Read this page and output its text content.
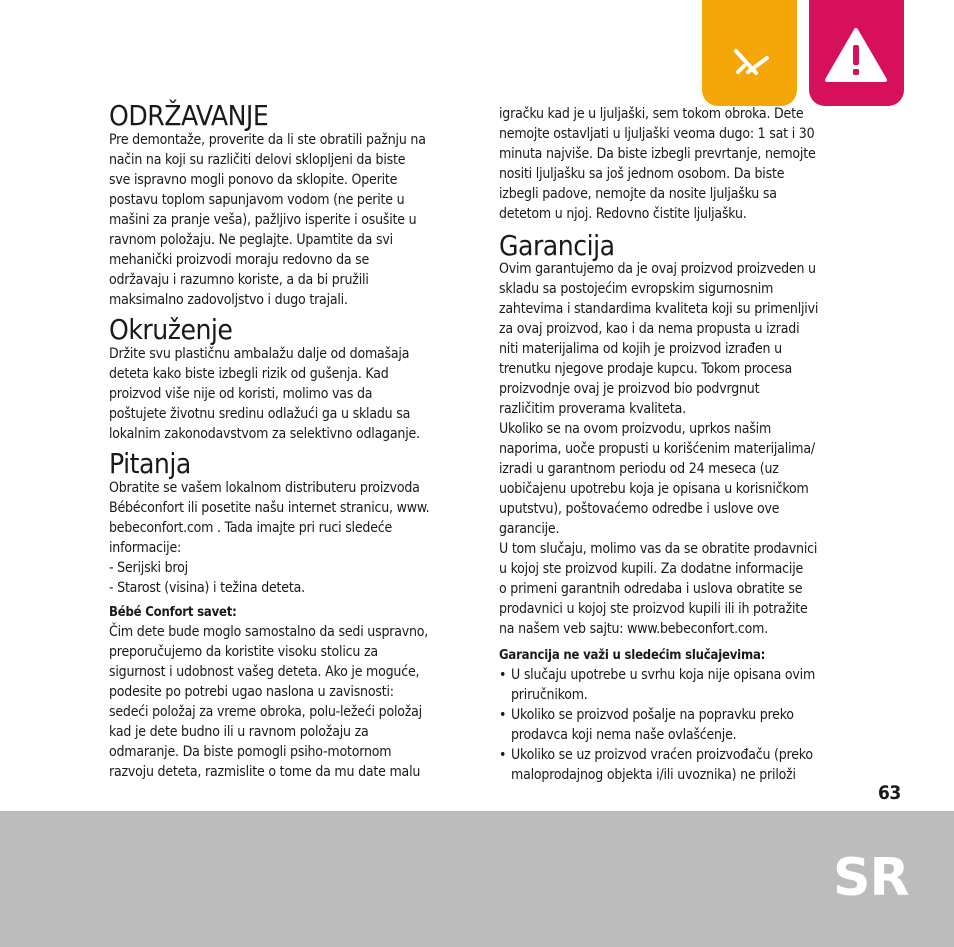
ODRŽAVANJE

Pre demontaže, proverite da li ste obratili pažnju na

način na koji su različiti delovi sklopljeni da biste

sve ispravno mogli ponovo da sklopite. Operite

postavu toplom sapunjavom vodom (ne perite u

mašini za pranje veša), pažljivo isperite i osušite u

ravnom položaju. Ne peglajte. Upamtite da svi

mehanički proizvodi moraju redovno da se

održavaju i razumno koriste, a da bi pružili

maksimalno zadovoljstvo i dugo trajali.

Okruženje

Držite svu plastičnu ambalažu dalje od domašaja

deteta kako biste izbegli rizik od gušenja. Kad

proizvod više nije od koristi, molimo vas da

poštujete životnu sredinu odlažući ga u skladu sa

lokalnim zakonodavstvom za selektivno odlaganje.

Pitanja

Obratite se vašem lokalnom distributeru proizvoda

Bébéconfort ili posetite našu internet stranicu, www.

bebeconfort.com . Tada imajte pri ruci sledeće

informacije:

- Serijski broj

- Starost (visina) i težina deteta.

Bébé Confort savet:

Čim dete bude moglo samostalno da sedi uspravno,

preporučujemo da koristite visoku stolicu za

sigurnost i udobnost vašeg deteta. Ako je moguće,

podesite po potrebi ugao naslona u zavisnosti:

sedeći položaj za vreme obroka, polu-ležeći položaj

kad je dete budno ili u ravnom položaju za

odmaranje. Da biste pomogli psiho-motornom

razvoju deteta, razmislite o tome da mu date malu

igračku kad je u ljuljaški, sem tokom obroka. Dete

nemojte ostavljati u ljuljaški veoma dugo: 1 sat i 30

minuta najviše. Da biste izbegli prevrtanje, nemojte

nositi ljuljašku sa još jednom osobom. Da biste

izbegli padove, nemojte da nosite ljuljašku sa

detetom u njoj. Redovno čistite ljuljašku.

Garancija

Ovim garantujemo da je ovaj proizvod proizveden u

skladu sa postojećim evropskim sigurnosnim

zahtevima i standardima kvaliteta koji su primenljivi

za ovaj proizvod, kao i da nema propusta u izradi

niti materijalima od kojih je proizvod izrađen u

trenutku njegove prodaje kupcu. Tokom procesa

proizvodnje ovaj je proizvod bio podvrgnut

različitim proverama kvaliteta.

Ukoliko se na ovom proizvodu, uprkos našim

naporima, uoče propusti u korišćenim materijalima/

izradi u garantnom periodu od 24 meseca (uz

uobičajenu upotrebu koja je opisana u korisničkom

uputstvu), poštovaćemo odredbe i uslove ove

garancije.

U tom slučaju, molimo vas da se obratite prodavnici

u kojoj ste proizvod kupili. Za dodatne informacije

o primeni garantnih odredaba i uslova obratite se

prodavnici u kojoj ste proizvod kupili ili ih potražite

na našem veb sajtu: www.bebeconfort.com.

Garancija ne važi u sledećim slučajevima:

• U slučaju upotrebe u svrhu koja nije opisana ovim

priručnikom.

• Ukoliko se proizvod pošalje na popravku preko

prodavca koji nema naše ovlašćenje.

• Ukoliko se uz proizvod vraćen proizvođaču (preko

maloprodajnog objekta i/ili uvoznika) ne priloži

63
SR
